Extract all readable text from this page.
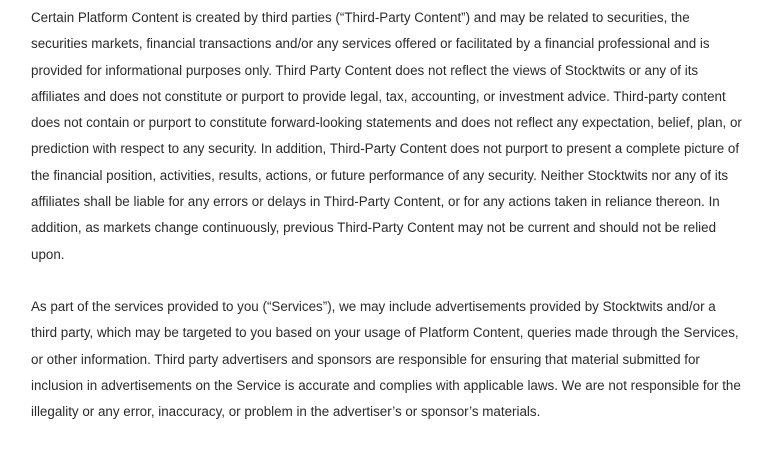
Certain Platform Content is created by third parties (“Third-Party Content”) and may be related to securities, the securities markets, financial transactions and/or any services offered or facilitated by a financial professional and is provided for informational purposes only. Third Party Content does not reflect the views of Stocktwits or any of its affiliates and does not constitute or purport to provide legal, tax, accounting, or investment advice. Third-party content does not contain or purport to constitute forward-looking statements and does not reflect any expectation, belief, plan, or prediction with respect to any security. In addition, Third-Party Content does not purport to present a complete picture of the financial position, activities, results, actions, or future performance of any security. Neither Stocktwits nor any of its affiliates shall be liable for any errors or delays in Third-Party Content, or for any actions taken in reliance thereon. In addition, as markets change continuously, previous Third-Party Content may not be current and should not be relied upon.

As part of the services provided to you (“Services”), we may include advertisements provided by Stocktwits and/or a third party, which may be targeted to you based on your usage of Platform Content, queries made through the Services, or other information. Third party advertisers and sponsors are responsible for ensuring that material submitted for inclusion in advertisements on the Service is accurate and complies with applicable laws. We are not responsible for the illegality or any error, inaccuracy, or problem in the advertiser’s or sponsor’s materials.
